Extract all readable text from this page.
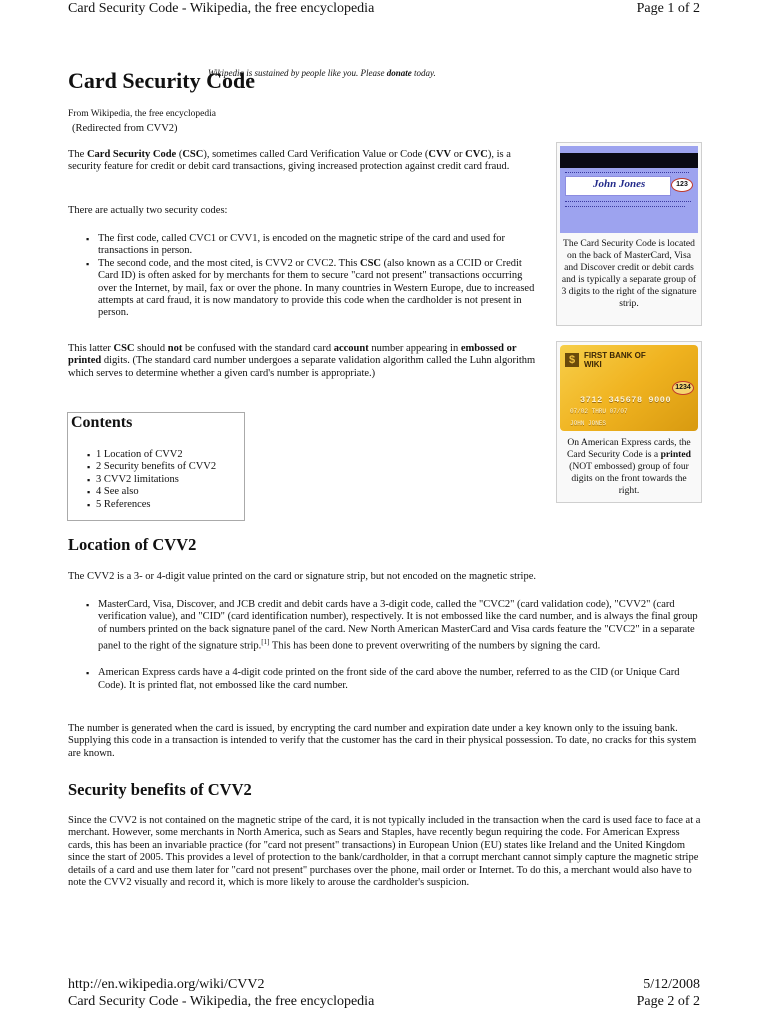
Card Security Code - Wikipedia, the free encyclopedia	Page 1 of 2
Wikipedia is sustained by people like you. Please donate today.
Card Security Code
From Wikipedia, the free encyclopedia
(Redirected from CVV2)
The Card Security Code (CSC), sometimes called Card Verification Value or Code (CVV or CVC), is a security feature for credit or debit card transactions, giving increased protection against credit card fraud.
There are actually two security codes:
▪ The first code, called CVC1 or CVV1, is encoded on the magnetic stripe of the card and used for transactions in person.
▪ The second code, and the most cited, is CVV2 or CVC2. This CSC (also known as a CCID or Credit Card ID) is often asked for by merchants for them to secure "card not present" transactions occurring over the Internet, by mail, fax or over the phone. In many countries in Western Europe, due to increased attempts at card fraud, it is now mandatory to provide this code when the cardholder is not present in person.
This latter CSC should not be confused with the standard card account number appearing in embossed or printed digits. (The standard card number undergoes a separate validation algorithm called the Luhn algorithm which serves to determine whether a given card's number is appropriate.)
Contents
▪ 1 Location of CVV2
▪ 2 Security benefits of CVV2
▪ 3 CVV2 limitations
▪ 4 See also
▪ 5 References
John Jones	123
The Card Security Code is located on the back of MasterCard, Visa and Discover credit or debit cards and is typically a separate group of 3 digits to the right of the signature strip.
$	FIRST BANK OF WIKI
1234
3712 345678 9000
07/02 THRU 07/07
JOHN JONES
On American Express cards, the Card Security Code is a printed (NOT embossed) group of four digits on the front towards the right.
Location of CVV2
The CVV2 is a 3- or 4-digit value printed on the card or signature strip, but not encoded on the magnetic stripe.
▪ MasterCard, Visa, Discover, and JCB credit and debit cards have a 3-digit code, called the "CVC2" (card validation code), "CVV2" (card verification value), and "CID" (card identification number), respectively. It is not embossed like the card number, and is always the final group of numbers printed on the back signature panel of the card. New North American MasterCard and Visa cards feature the "CVC2" in a separate panel to the right of the signature strip.[1] This has been done to prevent overwriting of the numbers by signing the card.
▪ American Express cards have a 4-digit code printed on the front side of the card above the number, referred to as the CID (or Unique Card Code). It is printed flat, not embossed like the card number.
The number is generated when the card is issued, by encrypting the card number and expiration date under a key known only to the issuing bank. Supplying this code in a transaction is intended to verify that the customer has the card in their physical possession. To date, no cracks for this system are known.
Security benefits of CVV2
Since the CVV2 is not contained on the magnetic stripe of the card, it is not typically included in the transaction when the card is used face to face at a merchant. However, some merchants in North America, such as Sears and Staples, have recently begun requiring the code. For American Express cards, this has been an invariable practice (for "card not present" transactions) in European Union (EU) states like Ireland and the United Kingdom since the start of 2005. This provides a level of protection to the bank/cardholder, in that a corrupt merchant cannot simply capture the magnetic stripe details of a card and use them later for "card not present" purchases over the phone, mail order or Internet. To do this, a merchant would also have to note the CVV2 visually and record it, which is more likely to arouse the cardholder's suspicion.
http://en.wikipedia.org/wiki/CVV2	5/12/2008
Card Security Code - Wikipedia, the free encyclopedia	Page 2 of 2
